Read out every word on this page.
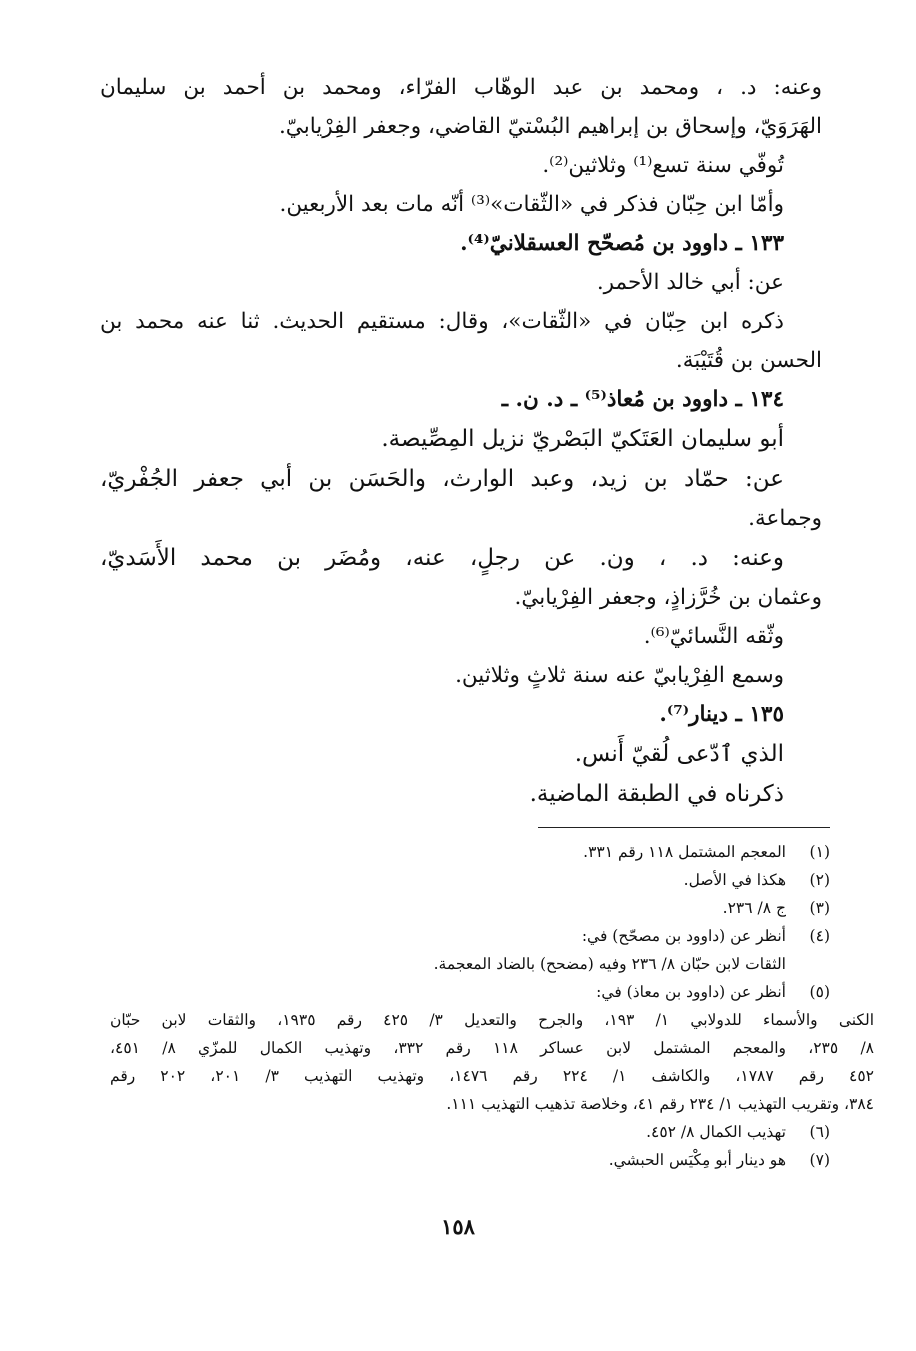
وعنه: د. ، ومحمد بن عبد الوهّاب الفرّاء، ومحمد بن أحمد بن سليمان

الهَرَوَيّ، وإسحاق بن إبراهيم البُسْتيّ القاضي، وجعفر الفِرْيابيّ.

تُوفّي سنة تسع⁽¹⁾ وثلاثين⁽²⁾.

وأمّا ابن حِبّان فذكر في «الثّقات»⁽³⁾ أنّه مات بعد الأربعين.

١٣٣ ـ داوود بن مُصحّح العسقلانيّ⁽⁴⁾.

عن: أبي خالد الأحمر.

ذكره ابن حِبّان في «الثّقات»، وقال: مستقيم الحديث. ثنا عنه محمد بن

الحسن بن قُتَيْبَة.

١٣٤ ـ داوود بن مُعاذ⁽⁵⁾ ـ د. ن. ـ

أبو سليمان العَتَكيّ البَصْريّ نزيل المِصِّيصة.

عن: حمّاد بن زيد، وعبد الوارث، والحَسَن بن أبي جعفر الجُفْريّ،

وجماعة.

وعنه: د. ، ون. عن رجلٍ، عنه، ومُضَر بن محمد الأَسَديّ،

وعثمان بن خُرَّزاذٍ، وجعفر الفِرْيابيّ.

وثّقه النَّسائيّ⁽⁶⁾.

وسمع الفِرْيابيّ عنه سنة ثلاثٍ وثلاثين.

١٣٥ ـ دينار⁽⁷⁾.

الذي ٱدّعى لُقيّ أَنس.

ذكرناه في الطبقة الماضية.

(١)
المعجم المشتمل ١١٨ رقم ٣٣١.
(٢)
هكذا في الأصل.
(٣)
ج ٨/ ٢٣٦.
(٤)
أنظر عن (داوود بن مصحّح) في:
الثقات لابن حبّان ٨/ ٢٣٦ وفيه (مضحح) بالضاد المعجمة.
(٥)
أنظر عن (داوود بن معاذ) في:
الكنى والأسماء للدولابي ١/ ١٩٣، والجرح والتعديل ٣/ ٤٢٥ رقم ١٩٣٥، والثقات لابن حبّان
٨/ ٢٣٥، والمعجم المشتمل لابن عساكر ١١٨ رقم ٣٣٢، وتهذيب الكمال للمزّي ٨/ ٤٥١،
٤٥٢ رقم ١٧٨٧، والكاشف ١/ ٢٢٤ رقم ١٤٧٦، وتهذيب التهذيب ٣/ ٢٠١، ٢٠٢ رقم
٣٨٤، وتقريب التهذيب ١/ ٢٣٤ رقم ٤١، وخلاصة تذهيب التهذيب ١١١.
(٦)
تهذيب الكمال ٨/ ٤٥٢.
(٧)
هو دينار أبو مِكْيَس الحبشي.
١٥٨
